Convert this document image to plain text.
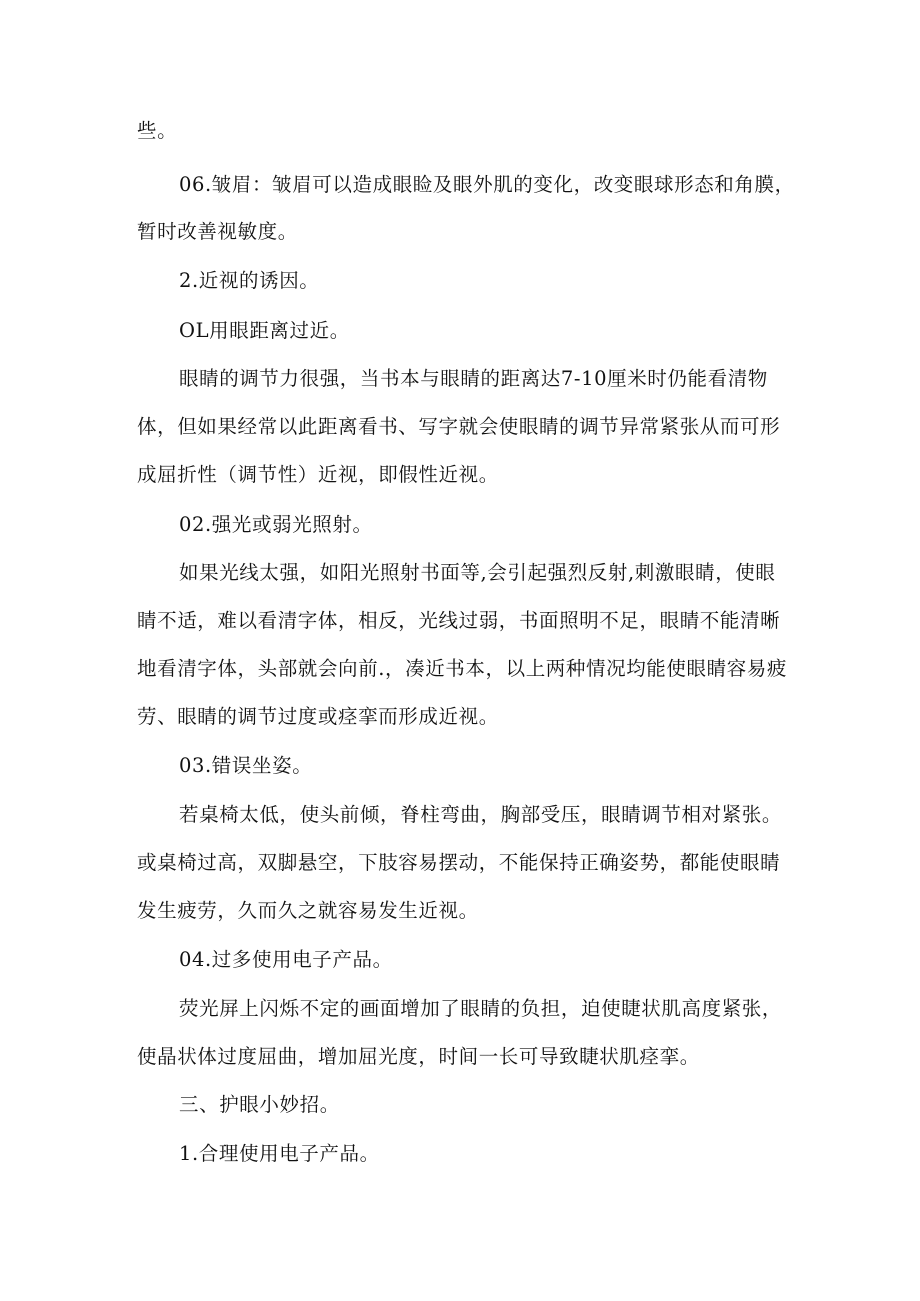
些。
06.皱眉：皱眉可以造成眼睑及眼外肌的变化，改变眼球形态和角膜，
暂时改善视敏度。
2.近视的诱因。
OL用眼距离过近。
眼睛的调节力很强，当书本与眼睛的距离达7-10厘米时仍能看清物
体，但如果经常以此距离看书、写字就会使眼睛的调节异常紧张从而可形
成屈折性（调节性）近视，即假性近视。
02.强光或弱光照射。
如果光线太强，如阳光照射书面等,会引起强烈反射,刺激眼睛，使眼
睛不适，难以看清字体，相反，光线过弱，书面照明不足，眼睛不能清晰
地看清字体，头部就会向前.，凑近书本，以上两种情况均能使眼睛容易疲
劳、眼睛的调节过度或痉挛而形成近视。
03.错误坐姿。
若桌椅太低，使头前倾，脊柱弯曲，胸部受压，眼睛调节相对紧张。
或桌椅过高，双脚悬空，下肢容易摆动，不能保持正确姿势，都能使眼睛
发生疲劳，久而久之就容易发生近视。
04.过多使用电子产品。
荧光屏上闪烁不定的画面增加了眼睛的负担，迫使睫状肌高度紧张，
使晶状体过度屈曲，增加屈光度，时间一长可导致睫状肌痉挛。
三、护眼小妙招。
1.合理使用电子产品。
